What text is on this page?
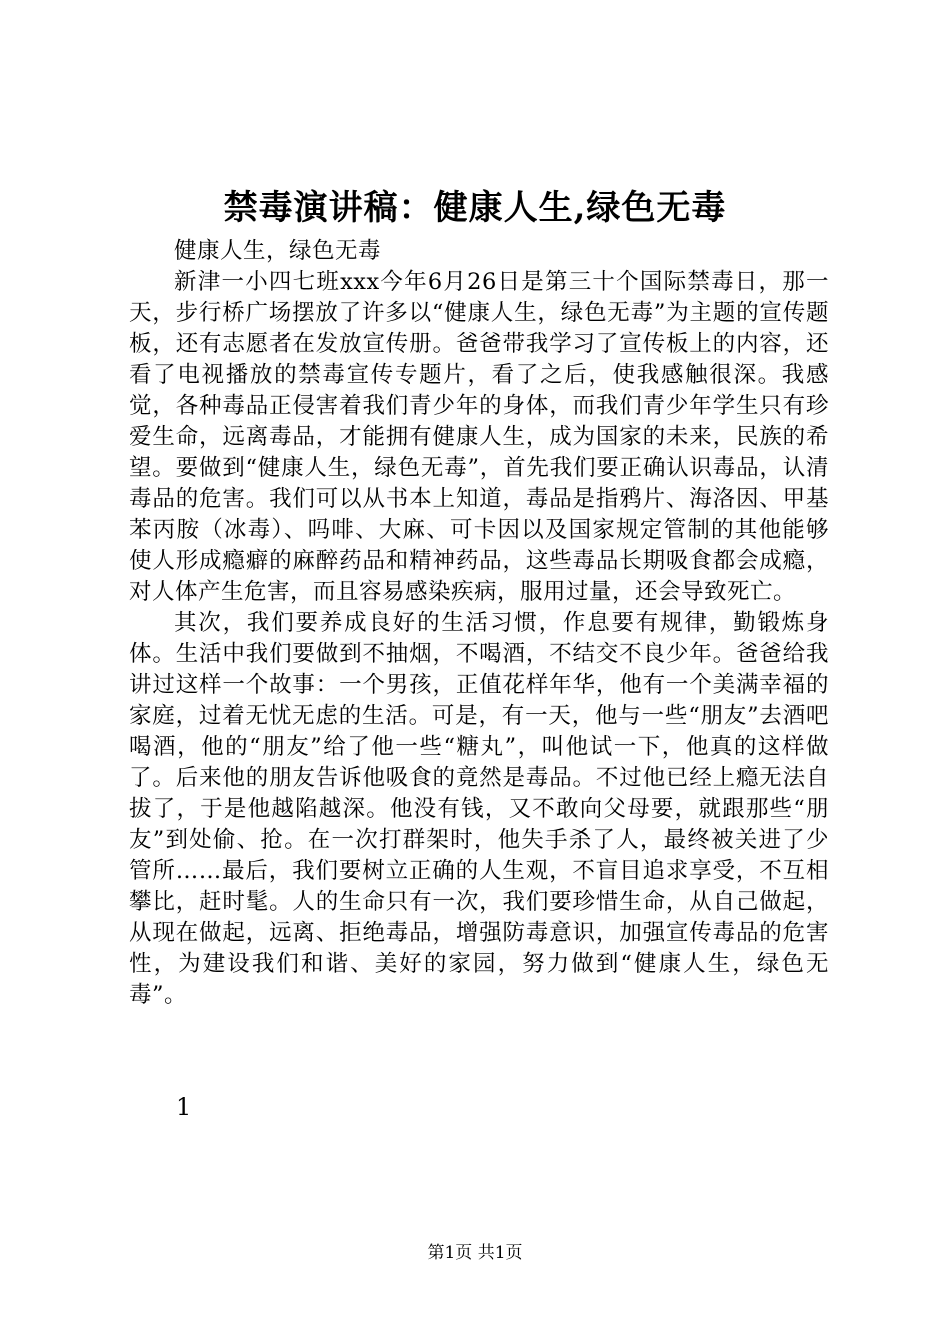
禁毒演讲稿：健康人生,绿色无毒

健康人生，绿色无毒

新津一小四七班xxx今年6月26日是第三十个国际禁毒日，那一天，步行桥广场摆放了许多以“健康人生，绿色无毒”为主题的宣传题板，还有志愿者在发放宣传册。爸爸带我学习了宣传板上的内容，还看了电视播放的禁毒宣传专题片，看了之后，使我感触很深。我感觉，各种毒品正侵害着我们青少年的身体，而我们青少年学生只有珍爱生命，远离毒品，才能拥有健康人生，成为国家的未来，民族的希望。要做到“健康人生，绿色无毒”，首先我们要正确认识毒品，认清毒品的危害。我们可以从书本上知道，毒品是指鸦片、海洛因、甲基苯丙胺（冰毒）、吗啡、大麻、可卡因以及国家规定管制的其他能够使人形成瘾癖的麻醉药品和精神药品，这些毒品长期吸食都会成瘾，对人体产生危害，而且容易感染疾病，服用过量，还会导致死亡。

其次，我们要养成良好的生活习惯，作息要有规律，勤锻炼身体。生活中我们要做到不抽烟，不喝酒，不结交不良少年。爸爸给我讲过这样一个故事：一个男孩，正值花样年华，他有一个美满幸福的家庭，过着无忧无虑的生活。可是，有一天，他与一些“朋友”去酒吧喝酒，他的“朋友”给了他一些“糖丸”，叫他试一下，他真的这样做了。后来他的朋友告诉他吸食的竟然是毒品。不过他已经上瘾无法自拔了，于是他越陷越深。他没有钱，又不敢向父母要，就跟那些“朋友”到处偷、抢。在一次打群架时，他失手杀了人，最终被关进了少管所……最后，我们要树立正确的人生观，不盲目追求享受，不互相攀比，赶时髦。人的生命只有一次，我们要珍惜生命，从自己做起，从现在做起，远离、拒绝毒品，增强防毒意识，加强宣传毒品的危害性，为建设我们和谐、美好的家园，努力做到“健康人生，绿色无毒”。

1
第1页 共1页
